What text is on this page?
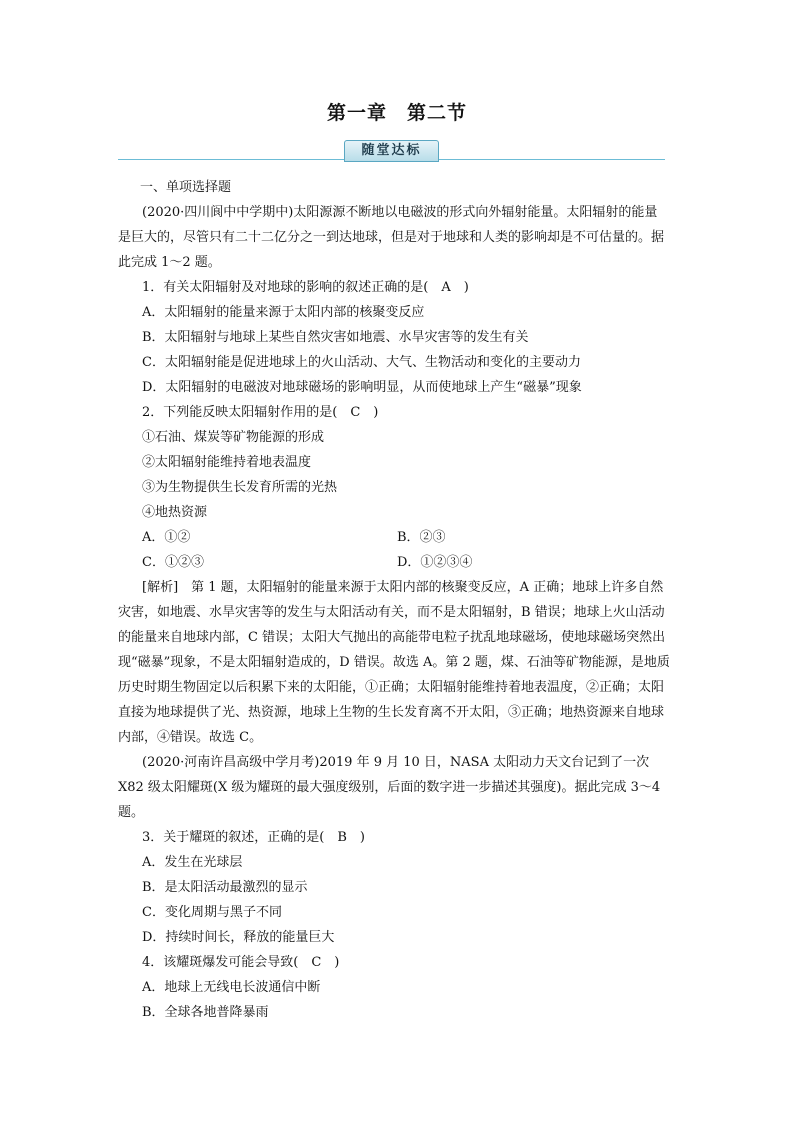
第一章　第二节
随堂达标

一、单项选择题

(2020·四川阆中中学期中)太阳源源不断地以电磁波的形式向外辐射能量。太阳辐射的能量是巨大的，尽管只有二十二亿分之一到达地球，但是对于地球和人类的影响却是不可估量的。据此完成 1～2 题。

1．有关太阳辐射及对地球的影响的叙述正确的是(　A　)

A．太阳辐射的能量来源于太阳内部的核聚变反应

B．太阳辐射与地球上某些自然灾害如地震、水旱灾害等的发生有关

C．太阳辐射能是促进地球上的火山活动、大气、生物活动和变化的主要动力

D．太阳辐射的电磁波对地球磁场的影响明显，从而使地球上产生“磁暴”现象

2．下列能反映太阳辐射作用的是(　C　)

①石油、煤炭等矿物能源的形成

②太阳辐射能维持着地表温度

③为生物提供生长发育所需的光热

④地热资源

A．①②	B．②③
C．①②③	D．①②③④

[解析]　第 1 题，太阳辐射的能量来源于太阳内部的核聚变反应，A 正确；地球上许多自然灾害，如地震、水旱灾害等的发生与太阳活动有关，而不是太阳辐射，B 错误；地球上火山活动的能量来自地球内部，C 错误；太阳大气抛出的高能带电粒子扰乱地球磁场，使地球磁场突然出现“磁暴”现象，不是太阳辐射造成的，D 错误。故选 A。第 2 题，煤、石油等矿物能源，是地质历史时期生物固定以后积累下来的太阳能，①正确；太阳辐射能维持着地表温度，②正确；太阳直接为地球提供了光、热资源，地球上生物的生长发育离不开太阳，③正确；地热资源来自地球内部，④错误。故选 C。

(2020·河南许昌高级中学月考)2019 年 9 月 10 日，NASA 太阳动力天文台记到了一次 X82 级太阳耀斑(X 级为耀斑的最大强度级别，后面的数字进一步描述其强度)。据此完成 3～4 题。

3．关于耀斑的叙述，正确的是(　B　)

A．发生在光球层

B．是太阳活动最激烈的显示

C．变化周期与黑子不同

D．持续时间长，释放的能量巨大

4．该耀斑爆发可能会导致(　C　)

A．地球上无线电长波通信中断

B．全球各地普降暴雨
